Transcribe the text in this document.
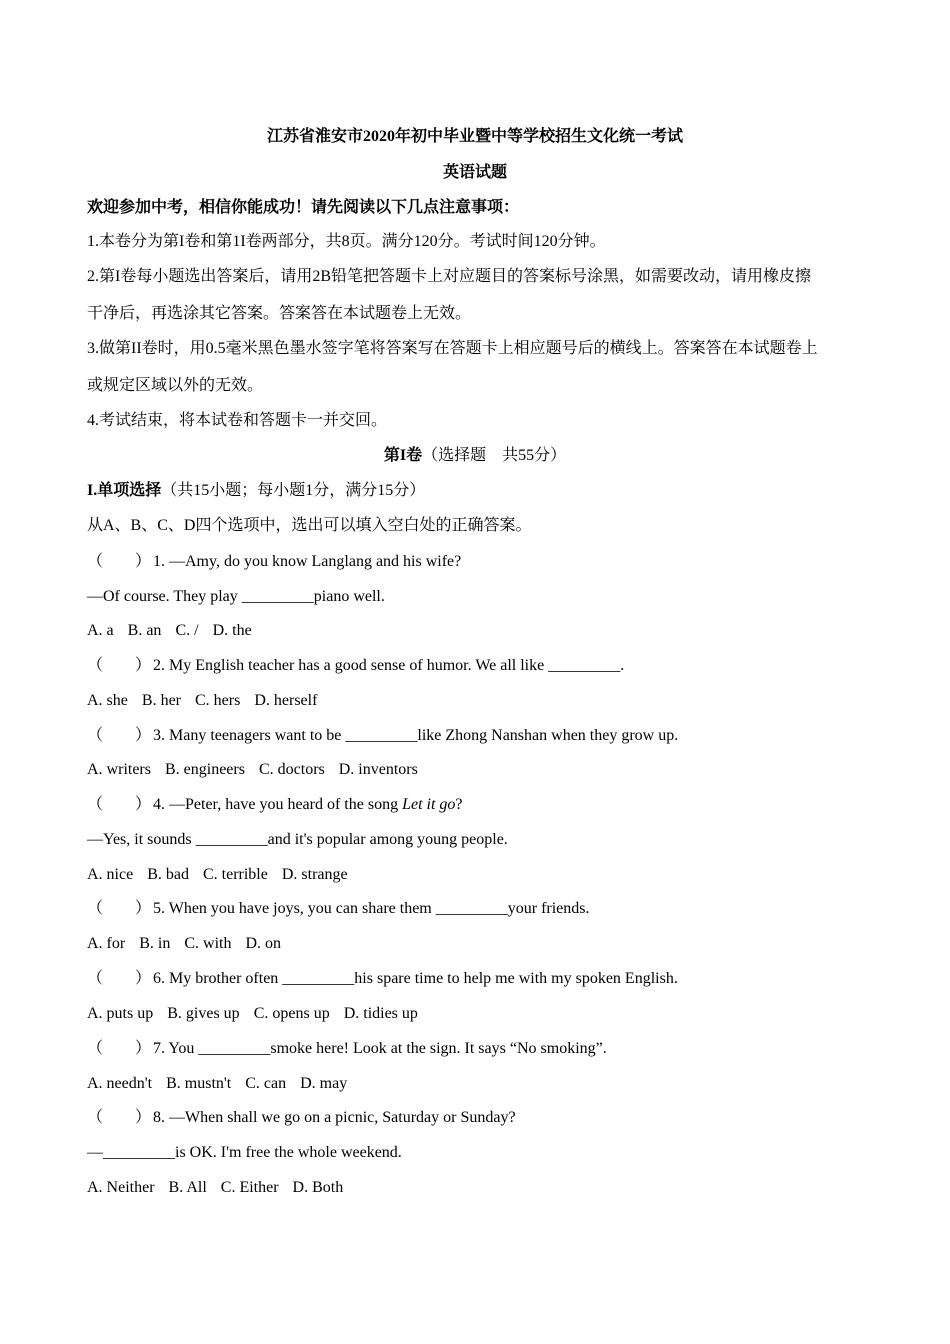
江苏省淮安市2020年初中毕业暨中等学校招生文化统一考试
英语试题
欢迎参加中考，相信你能成功！请先阅读以下几点注意事项：
1.本卷分为第I卷和第1I卷两部分，共8页。满分120分。考试时间120分钟。
2.第I卷每小题选出答案后，请用2B铅笔把答题卡上对应题目的答案标号涂黑，如需要改动，请用橡皮擦
干净后，再选涂其它答案。答案答在本试题卷上无效。
3.做第II卷时，用0.5毫米黑色墨水签字笔将答案写在答题卡上相应题号后的横线上。答案答在本试题卷上
或规定区域以外的无效。
4.考试结束，将本试卷和答题卡一并交回。
第I卷（选择题　共55分）
I.单项选择（共15小题；每小题1分，满分15分）
从A、B、C、D四个选项中，选出可以填入空白处的正确答案。
（　　） 1. —Amy, do you know Langlang and his wife?
—Of course. They play _________piano well.
A. a B. an C. / D. the
（　　） 2. My English teacher has a good sense of humor. We all like _________.
A. she B. her C. hers D. herself
（　　） 3. Many teenagers want to be _________like Zhong Nanshan when they grow up.
A. writers B. engineers C. doctors D. inventors
（　　） 4. —Peter, have you heard of the song Let it go?
—Yes, it sounds _________and it's popular among young people.
A. nice B. bad C. terrible D. strange
（　　） 5. When you have joys, you can share them _________your friends.
A. for B. in C. with D. on
（　　） 6. My brother often _________his spare time to help me with my spoken English.
A. puts up B. gives up C. opens up D. tidies up
（　　） 7. You _________smoke here! Look at the sign. It says “No smoking”.
A. needn't B. mustn't C. can D. may
（　　） 8. —When shall we go on a picnic, Saturday or Sunday?
—_________is OK. I'm free the whole weekend.
A. Neither B. All C. Either D. Both
